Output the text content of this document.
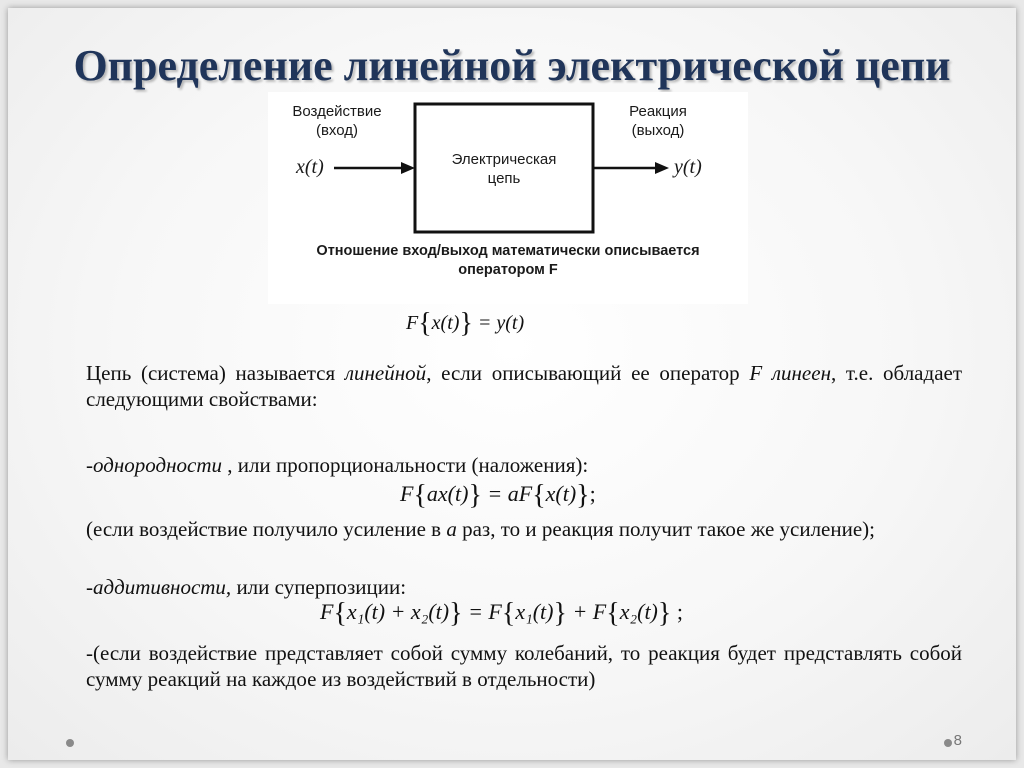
Определение линейной электрической цепи
Воздействие
(вход)
Реакция
(выход)
Электрическая
цепь
x(t)	y(t)
Отношение вход/выход математически описывается
оператором F
F{x(t)} = y(t)
Цепь (система) называется линейной, если описывающий ее оператор F линеен, т.е. обладает следующими свойствами:
-однородности , или пропорциональности (наложения):
F{ax(t)} = aF{x(t)};
(если воздействие получило усиление в а раз, то и реакция получит такое же усиление);
-аддитивности, или суперпозиции:
F{x₁(t) + x₂(t)} = F{x₁(t)} + F{x₂(t)} ;
-(если воздействие представляет собой сумму колебаний, то реакция будет представлять собой сумму реакций на каждое из воздействий в отдельности)
8
